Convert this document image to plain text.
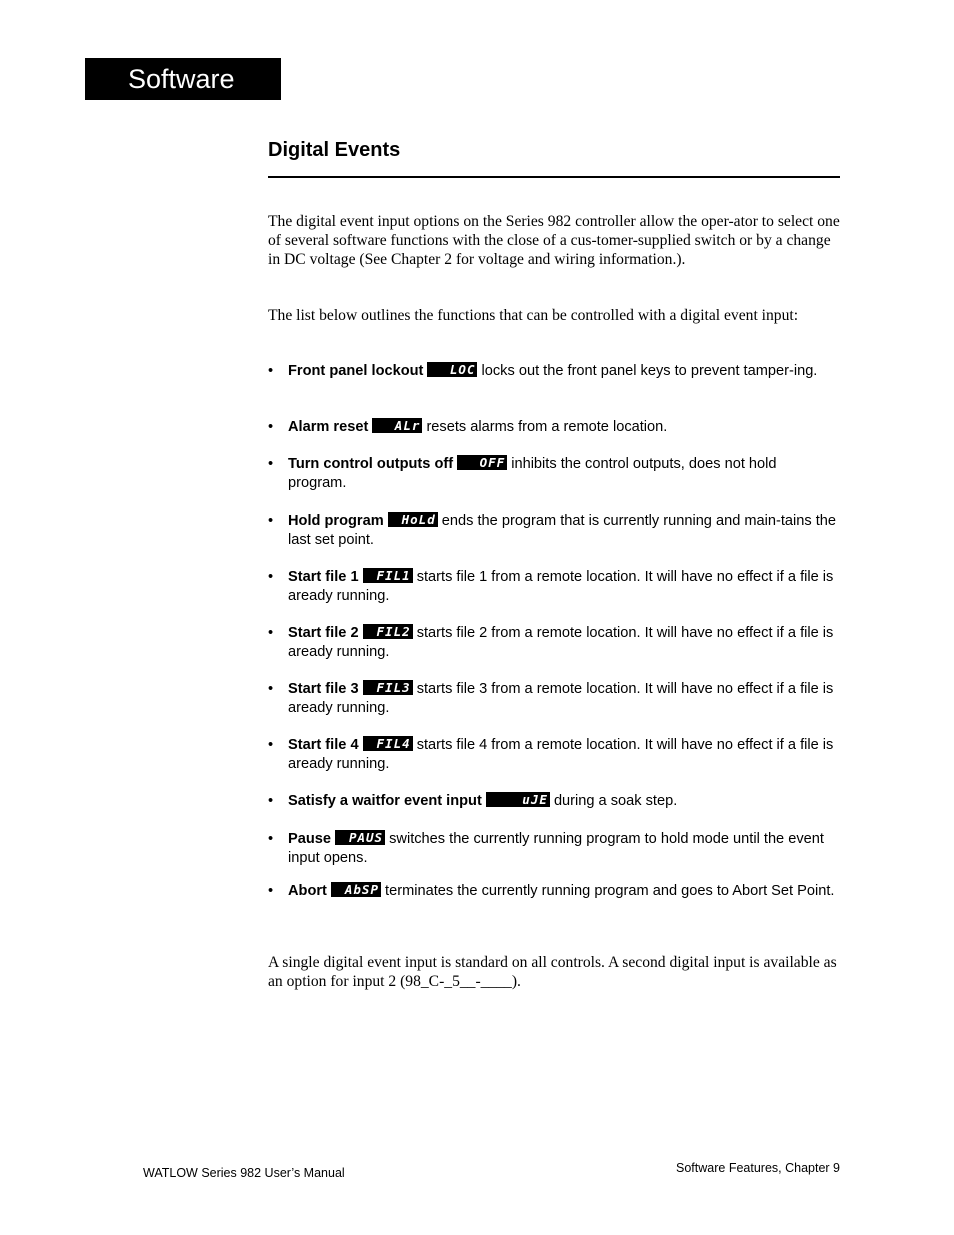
Software
Digital Events

The digital event input options on the Series 982 controller allow the oper-ator to select one of several software functions with the close of a cus-tomer-supplied switch or by a change in DC voltage (See Chapter 2 for voltage and wiring information.).

The list below outlines the functions that can be controlled with a digital event input:

•	Front panel lockout LOC locks out the front panel keys to prevent tamper-ing.
•	Alarm reset ALr resets alarms from a remote location.
•	Turn control outputs off OFF inhibits the control outputs, does not hold program.
•	Hold program HoLd ends the program that is currently running and main-tains the last set point.
•	Start file 1 FIL1 starts file 1 from a remote location. It will have no effect if a file is aready running.
•	Start file 2 FIL2 starts file 2 from a remote location. It will have no effect if a file is aready running.
•	Start file 3 FIL3 starts file 3 from a remote location. It will have no effect if a file is aready running.
•	Start file 4 FIL4 starts file 4 from a remote location. It will have no effect if a file is aready running.
•	Satisfy a waitfor event input	uJE during a soak step.
•	Pause PAUS switches the currently running program to hold mode until the event input opens.
•	Abort AbSP terminates the currently running program and goes to Abort Set Point.

A single digital event input is standard on all controls. A second digital input is available as an option for input 2 (98_C-_5__-____).

WATLOW Series 982 User’s Manual	Software Features, Chapter 9
